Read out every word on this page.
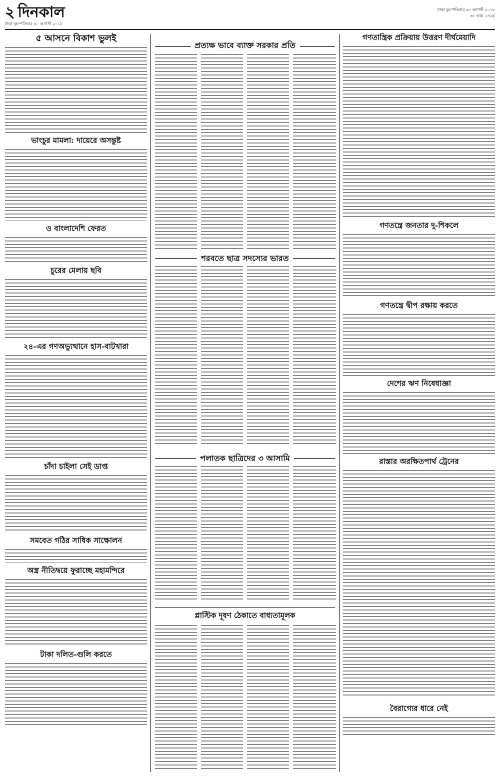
২ দিনকাল
ঢাকা বৃহস্পতিবার ৩০ আগস্ট ২০১৮
ঢাকা বৃহস্পতিবার ৩০ আগস্ট ২০১৮
৩০ ভাদ্র ১৪২৫
৫ আসনে বিকাশ ভুলই
ভাংচুর মামলা: দায়েরে অসন্তুষ্ট
ও বাংলাদেশি ফেরত
চুরের মেলায় ছবি
২৪-এর গণঅভ্যুত্থানে হাস-বাটখারা
চাঁদা চাইলা সেই ডাপ্ত
সমবেত গঠির সাধিক সাক্ষোলন
অস্ত্র নীতিদ্বয়ে ফুরাচ্ছে মহামন্দিরে
টাকা দলিত-গুলি করতে
প্রত্যক্ষ ভাবে ব্যাক্ত সরকার প্রতি
শরবতে ছাত্র সদস্যের ভারত
পলাতক ছাত্রিদের ৩ আসামি
প্লাস্টিক দূষণ ঠেকাতে বাধ্যতামূলক
গণতান্ত্রিক প্রক্রিয়ায় উত্তরণ দীর্ঘমেয়াদি
গণতন্ত্রে জনতার দু-শিকলে
গণতন্ত্রে দ্বীপ রক্ষায় করতে
দেশের ঋণ নিষেধাজ্ঞা
রাস্তার অরক্ষিতপার্থ ট্রেনের
বৈরাগ্যের ধারে নেই
